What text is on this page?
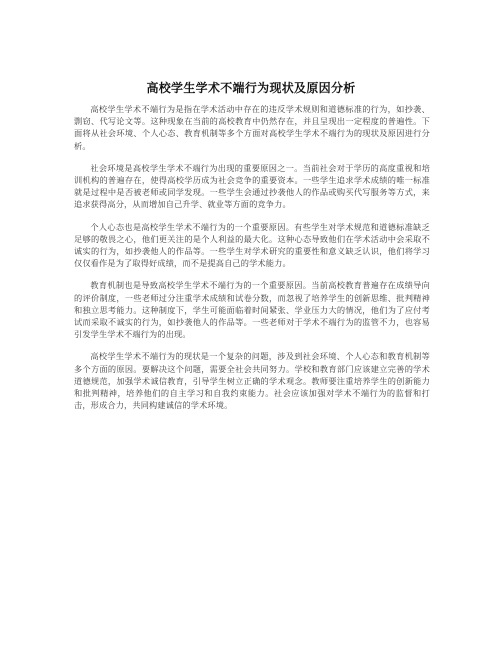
高校学生学术不端行为现状及原因分析

高校学生学术不端行为是指在学术活动中存在的违反学术规则和道德标准的行为，如抄袭、剽窃、代写论文等。这种现象在当前的高校教育中仍然存在，并且呈现出一定程度的普遍性。下面将从社会环境、个人心态、教育机制等多个方面对高校学生学术不端行为的现状及原因进行分析。

社会环境是高校学生学术不端行为出现的重要原因之一。当前社会对于学历的高度重视和培训机构的普遍存在，使得高校学历成为社会竞争的重要资本。一些学生追求学术成绩的唯一标准就是过程中是否被老师或同学发现。一些学生会通过抄袭他人的作品或购买代写服务等方式，来追求获得高分，从而增加自己升学、就业等方面的竞争力。

个人心态也是高校学生学术不端行为的一个重要原因。有些学生对学术规范和道德标准缺乏足够的敬畏之心，他们更关注的是个人利益的最大化。这种心态导致他们在学术活动中会采取不诚实的行为，如抄袭他人的作品等。一些学生对学术研究的重要性和意义缺乏认识，他们将学习仅仅看作是为了取得好成绩，而不是提高自己的学术能力。

教育机制也是导致高校学生学术不端行为的一个重要原因。当前高校教育普遍存在成绩导向的评价制度，一些老师过分注重学术成绩和试卷分数，而忽视了培养学生的创新思维、批判精神和独立思考能力。这种制度下，学生可能面临着时间紧张、学业压力大的情况，他们为了应付考试而采取不诚实的行为，如抄袭他人的作品等。一些老师对于学术不端行为的监管不力，也容易引发学生学术不端行为的出现。

高校学生学术不端行为的现状是一个复杂的问题，涉及到社会环境、个人心态和教育机制等多个方面的原因。要解决这个问题，需要全社会共同努力。学校和教育部门应该建立完善的学术道德规范，加强学术诚信教育，引导学生树立正确的学术观念。教师要注重培养学生的创新能力和批判精神，培养他们的自主学习和自我约束能力。社会应该加强对学术不端行为的监督和打击，形成合力，共同构建诚信的学术环境。
